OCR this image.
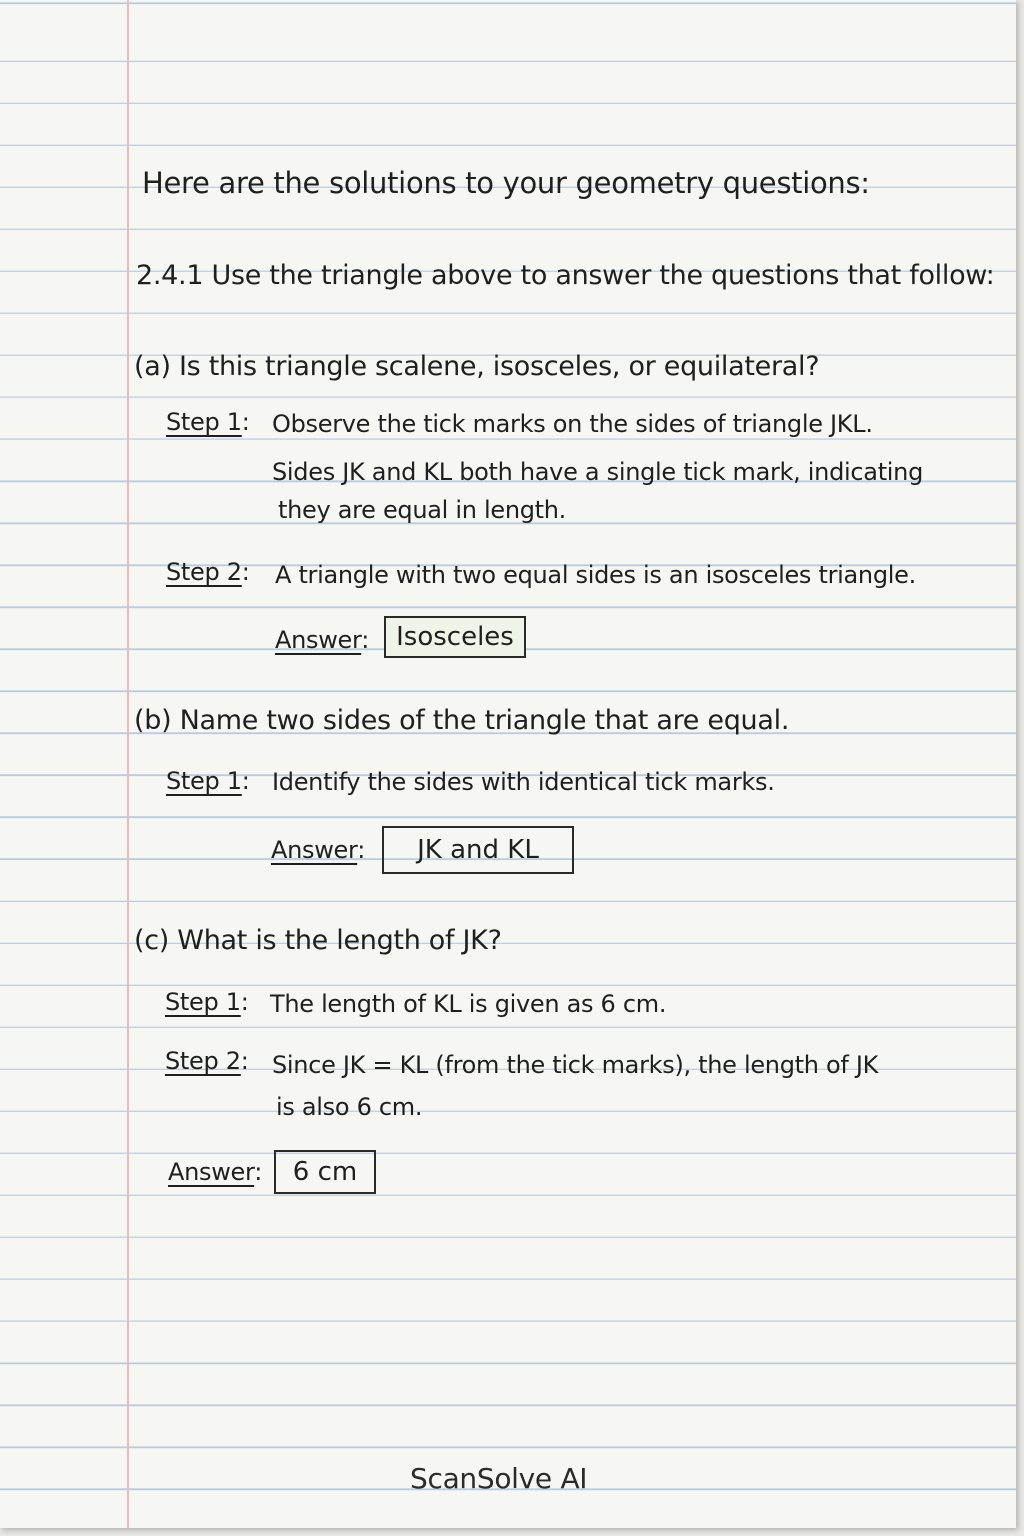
Here are the solutions to your geometry questions:
2.4.1 Use the triangle above to answer the questions that follow:
(a) Is this triangle scalene, isosceles, or equilateral?
Step 1: Observe the tick marks on the sides of triangle JKL.
Sides JK and KL both have a single tick mark, indicating
they are equal in length.
Step 2: A triangle with two equal sides is an isosceles triangle.
Answer:	Isosceles
(b) Name two sides of the triangle that are equal.
Step 1: Identify the sides with identical tick marks.
Answer:	JK and KL
(c) What is the length of JK?
Step 1: The length of KL is given as 6 cm.
Step 2: Since JK = KL (from the tick marks), the length of JK
is also 6 cm.
Answer:	6 cm
ScanSolve AI
